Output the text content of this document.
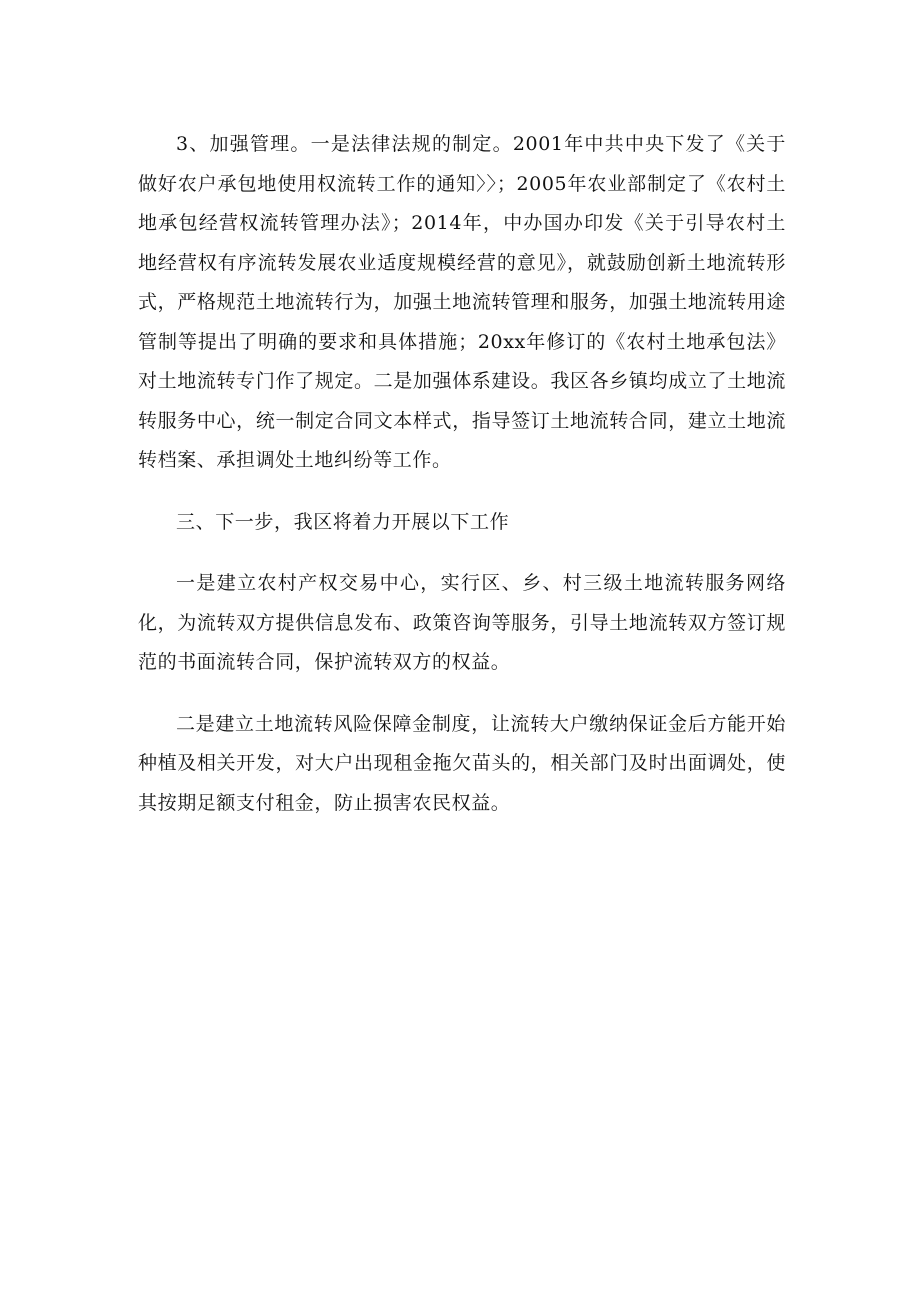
3、加强管理。一是法律法规的制定。2001年中共中央下发了《关于做好农户承包地使用权流转工作的通知〉〉；2005年农业部制定了《农村土地承包经营权流转管理办法》；2014年，中办国办印发《关于引导农村土地经营权有序流转发展农业适度规模经营的意见》，就鼓励创新土地流转形式，严格规范土地流转行为，加强土地流转管理和服务，加强土地流转用途管制等提出了明确的要求和具体措施；20xx年修订的《农村土地承包法》对土地流转专门作了规定。二是加强体系建设。我区各乡镇均成立了土地流转服务中心，统一制定合同文本样式，指导签订土地流转合同，建立土地流转档案、承担调处土地纠纷等工作。

三、下一步，我区将着力开展以下工作

一是建立农村产权交易中心，实行区、乡、村三级土地流转服务网络化，为流转双方提供信息发布、政策咨询等服务，引导土地流转双方签订规范的书面流转合同，保护流转双方的权益。

二是建立土地流转风险保障金制度，让流转大户缴纳保证金后方能开始种植及相关开发，对大户出现租金拖欠苗头的，相关部门及时出面调处，使其按期足额支付租金，防止损害农民权益。
